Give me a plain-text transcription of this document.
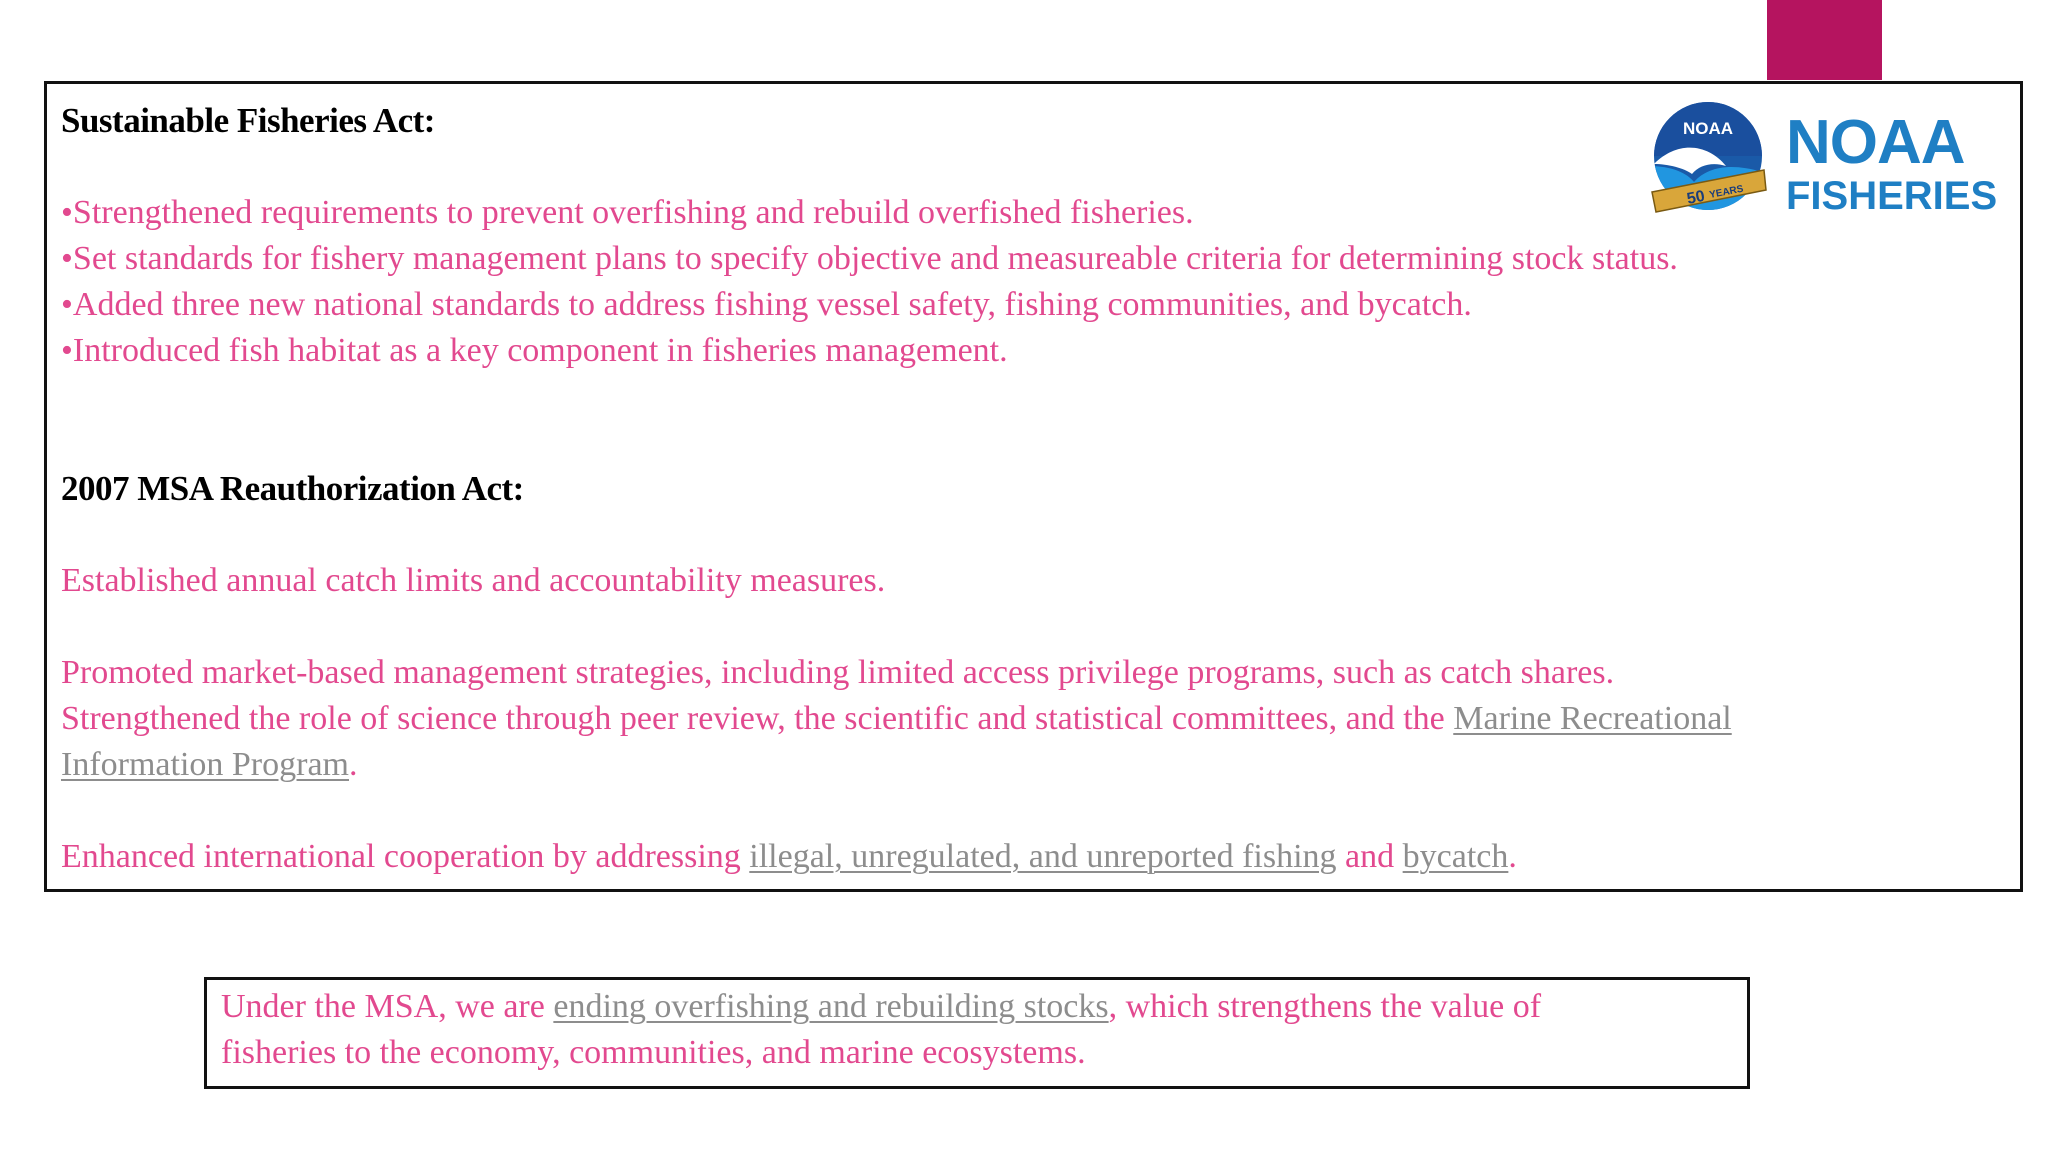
Sustainable Fisheries Act:
•Strengthened requirements to prevent overfishing and rebuild overfished fisheries.
•Set standards for fishery management plans to specify objective and measureable criteria for determining stock status.
•Added three new national standards to address fishing vessel safety, fishing communities, and bycatch.
•Introduced fish habitat as a key component in fisheries management.
2007 MSA Reauthorization Act:
Established annual catch limits and accountability measures.
Promoted market-based management strategies, including limited access privilege programs, such as catch shares.
Strengthened the role of science through peer review, the scientific and statistical committees, and the Marine Recreational
Information Program.
Enhanced international cooperation by addressing illegal, unregulated, and unreported fishing and bycatch.
NOAA
50 YEARS
NOAA
FISHERIES
Under the MSA, we are ending overfishing and rebuilding stocks, which strengthens the value of
fisheries to the economy, communities, and marine ecosystems.
